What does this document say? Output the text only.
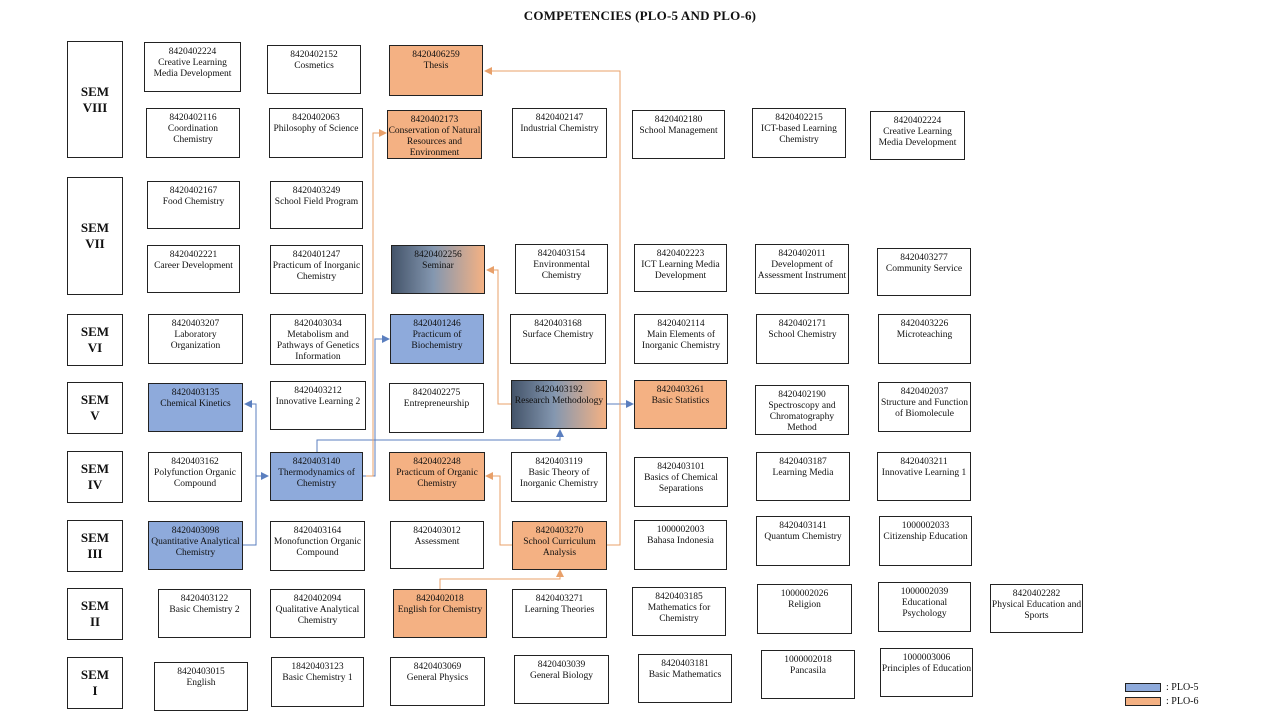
COMPETENCIES (PLO-5 AND PLO-6)
SEM
VIII
SEM
VII
SEM
VI
SEM
V
SEM
IV
SEM
III
SEM
II
SEM
I
8420402224
Creative Learning Media Development
8420402152
Cosmetics
8420406259
Thesis
8420402116
Coordination Chemistry
8420402063
Philosophy of Science
8420402173
Conservation of Natural Resources and Environment
8420402147
Industrial Chemistry
8420402180
School Management
8420402215
ICT-based Learning Chemistry
8420402224
Creative Learning Media Development
8420402167
Food Chemistry
8420403249
School Field Program
8420402221
Career Development
8420401247
Practicum of Inorganic Chemistry
8420402256
Seminar
8420403154
Environmental Chemistry
8420402223
ICT Learning Media Development
8420402011
Development of Assessment Instrument
8420403277
Community Service
8420403207
Laboratory Organization
8420403034
Metabolism and Pathways of Genetics Information
8420401246
Practicum of Biochemistry
8420403168
Surface Chemistry
8420402114
Main Elements of Inorganic Chemistry
8420402171
School Chemistry
8420403226
Microteaching
8420403135
Chemical Kinetics
8420403212
Innovative Learning 2
8420402275
Entrepreneurship
8420403192
Research Methodology
8420403261
Basic Statistics
8420402190
Spectroscopy and Chromatography Method
8420402037
Structure and Function of Biomolecule
8420403162
Polyfunction Organic Compound
8420403140
Thermodynamics of Chemistry
8420402248
Practicum of Organic Chemistry
8420403119
Basic Theory of Inorganic Chemistry
8420403101
Basics of Chemical Separations
8420403187
Learning Media
8420403211
Innovative Learning 1
8420403098
Quantitative Analytical Chemistry
8420403164
Monofunction Organic Compound
8420403012
Assessment
8420403270
School Curriculum Analysis
1000002003
Bahasa Indonesia
8420403141
Quantum Chemistry
1000002033
Citizenship Education
8420403122
Basic Chemistry 2
8420402094
Qualitative Analytical Chemistry
8420402018
English for Chemistry
8420403271
Learning Theories
8420403185
Mathematics for Chemistry
1000002026
Religion
1000002039
Educational Psychology
8420402282
Physical Education and Sports
8420403015
English
18420403123
Basic Chemistry 1
8420403069
General Physics
8420403039
General Biology
8420403181
Basic Mathematics
1000002018
Pancasila
1000003006
Principles of Education
: PLO-5
: PLO-6
